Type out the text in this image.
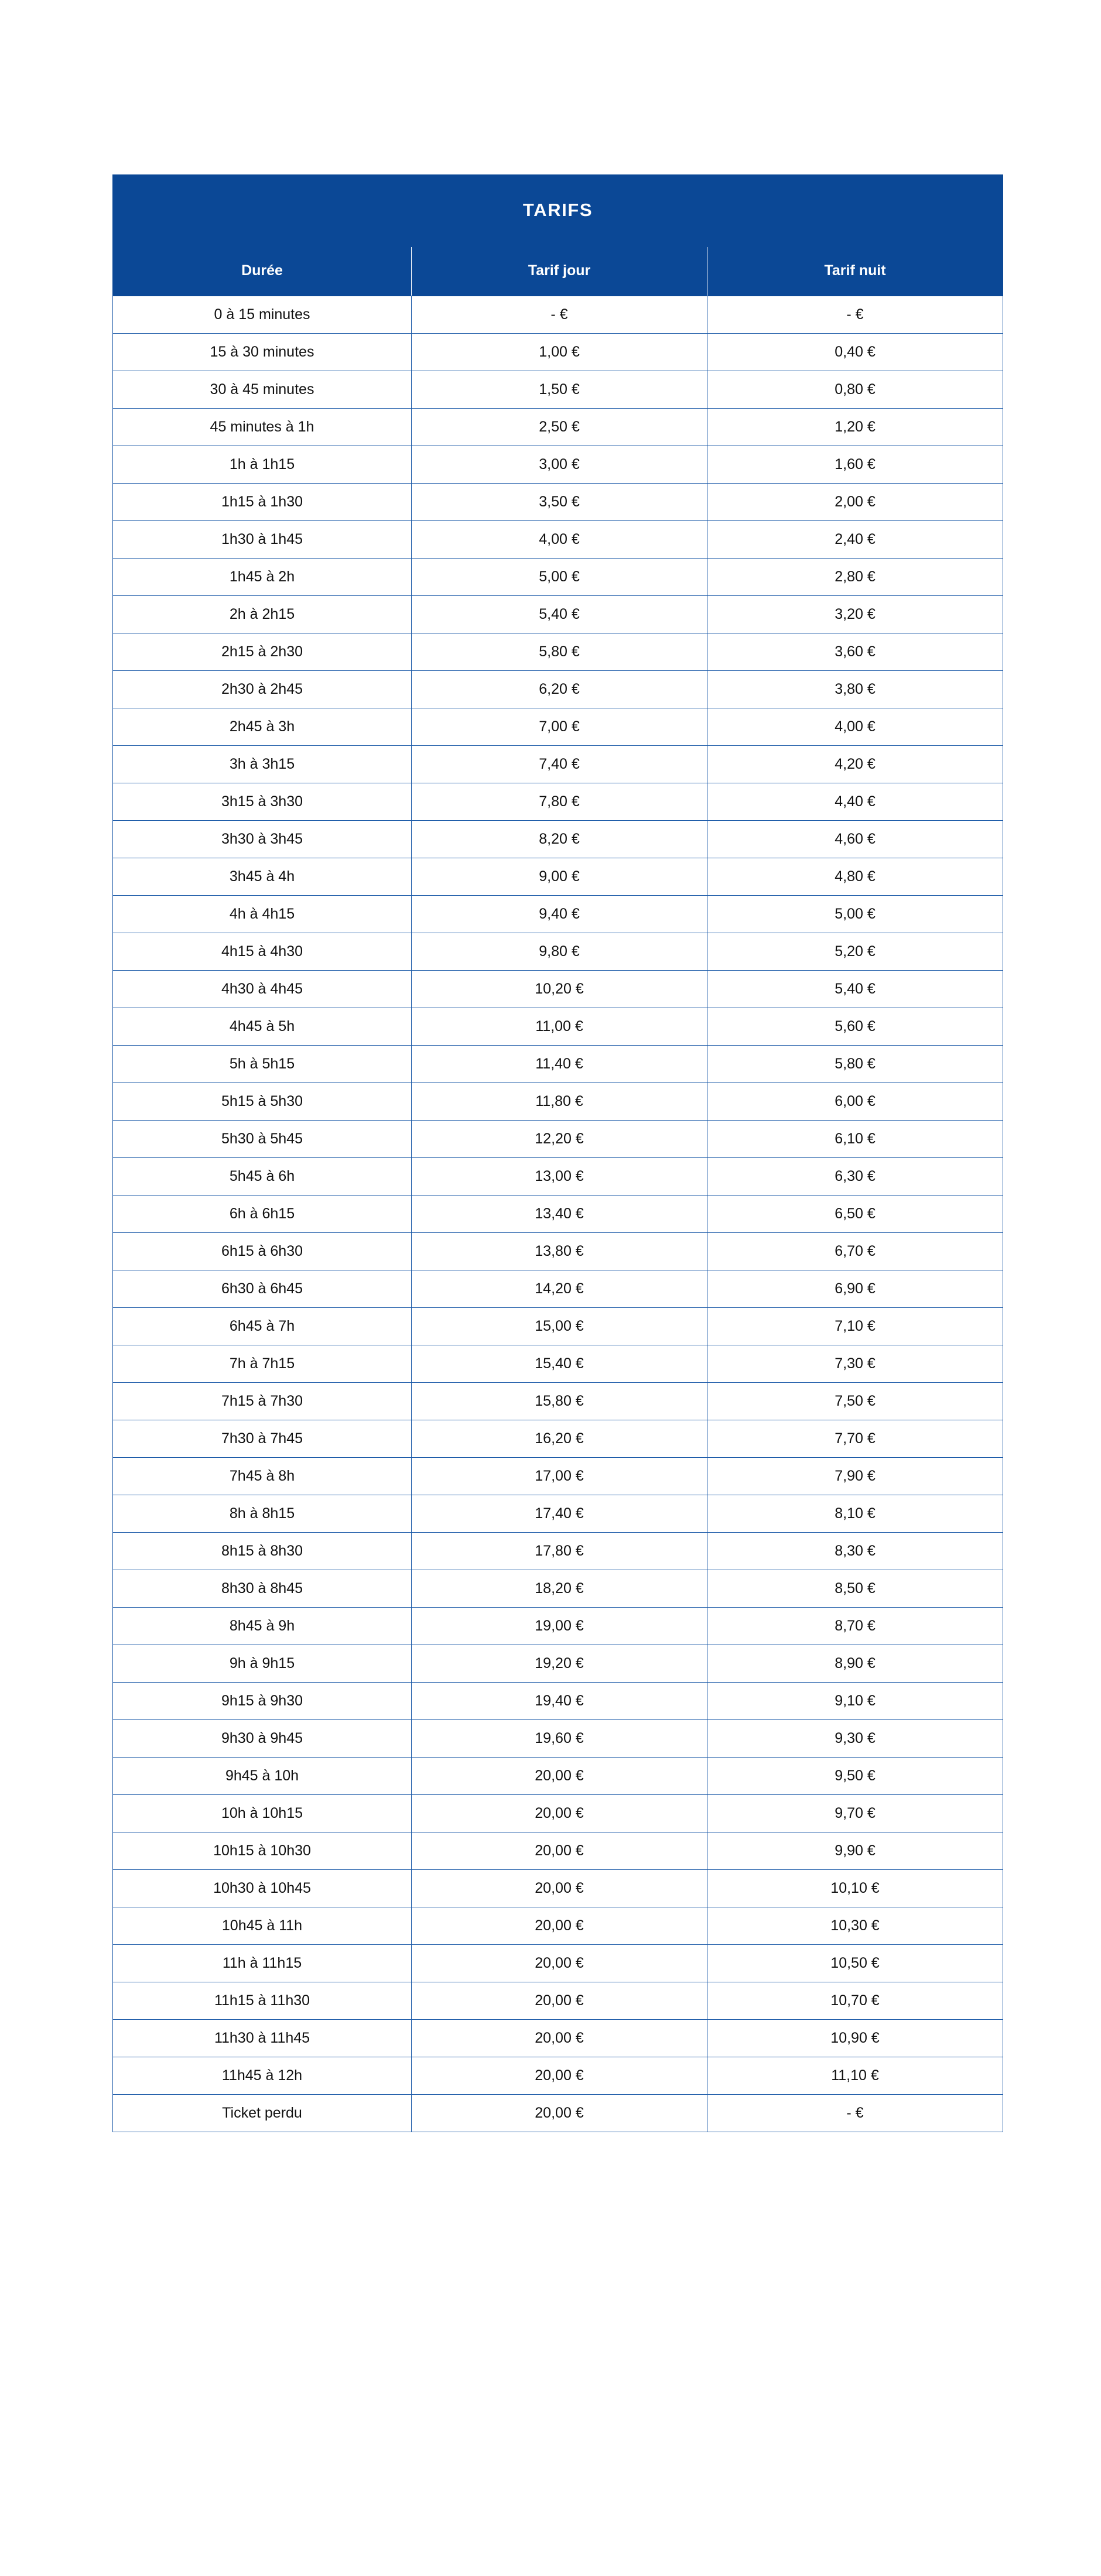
TARIFS		
Durée	Tarif jour	Tarif nuit
0 à 15 minutes	- €	- €
15 à 30 minutes	1,00 €	0,40 €
30 à 45 minutes	1,50 €	0,80 €
45 minutes à 1h	2,50 €	1,20 €
1h à 1h15	3,00 €	1,60 €
1h15 à 1h30	3,50 €	2,00 €
1h30 à 1h45	4,00 €	2,40 €
1h45 à 2h	5,00 €	2,80 €
2h à 2h15	5,40 €	3,20 €
2h15 à 2h30	5,80 €	3,60 €
2h30 à 2h45	6,20 €	3,80 €
2h45 à 3h	7,00 €	4,00 €
3h à 3h15	7,40 €	4,20 €
3h15 à 3h30	7,80 €	4,40 €
3h30 à 3h45	8,20 €	4,60 €
3h45 à 4h	9,00 €	4,80 €
4h à 4h15	9,40 €	5,00 €
4h15 à 4h30	9,80 €	5,20 €
4h30 à 4h45	10,20 €	5,40 €
4h45 à 5h	11,00 €	5,60 €
5h à 5h15	11,40 €	5,80 €
5h15 à 5h30	11,80 €	6,00 €
5h30 à 5h45	12,20 €	6,10 €
5h45 à 6h	13,00 €	6,30 €
6h à 6h15	13,40 €	6,50 €
6h15 à 6h30	13,80 €	6,70 €
6h30 à 6h45	14,20 €	6,90 €
6h45 à 7h	15,00 €	7,10 €
7h à 7h15	15,40 €	7,30 €
7h15 à 7h30	15,80 €	7,50 €
7h30 à 7h45	16,20 €	7,70 €
7h45 à 8h	17,00 €	7,90 €
8h à 8h15	17,40 €	8,10 €
8h15 à 8h30	17,80 €	8,30 €
8h30 à 8h45	18,20 €	8,50 €
8h45 à 9h	19,00 €	8,70 €
9h à 9h15	19,20 €	8,90 €
9h15 à 9h30	19,40 €	9,10 €
9h30 à 9h45	19,60 €	9,30 €
9h45 à 10h	20,00 €	9,50 €
10h à 10h15	20,00 €	9,70 €
10h15 à 10h30	20,00 €	9,90 €
10h30 à 10h45	20,00 €	10,10 €
10h45 à 11h	20,00 €	10,30 €
11h à 11h15	20,00 €	10,50 €
11h15 à 11h30	20,00 €	10,70 €
11h30 à 11h45	20,00 €	10,90 €
11h45 à 12h	20,00 €	11,10 €
Ticket perdu	20,00 €	- €
